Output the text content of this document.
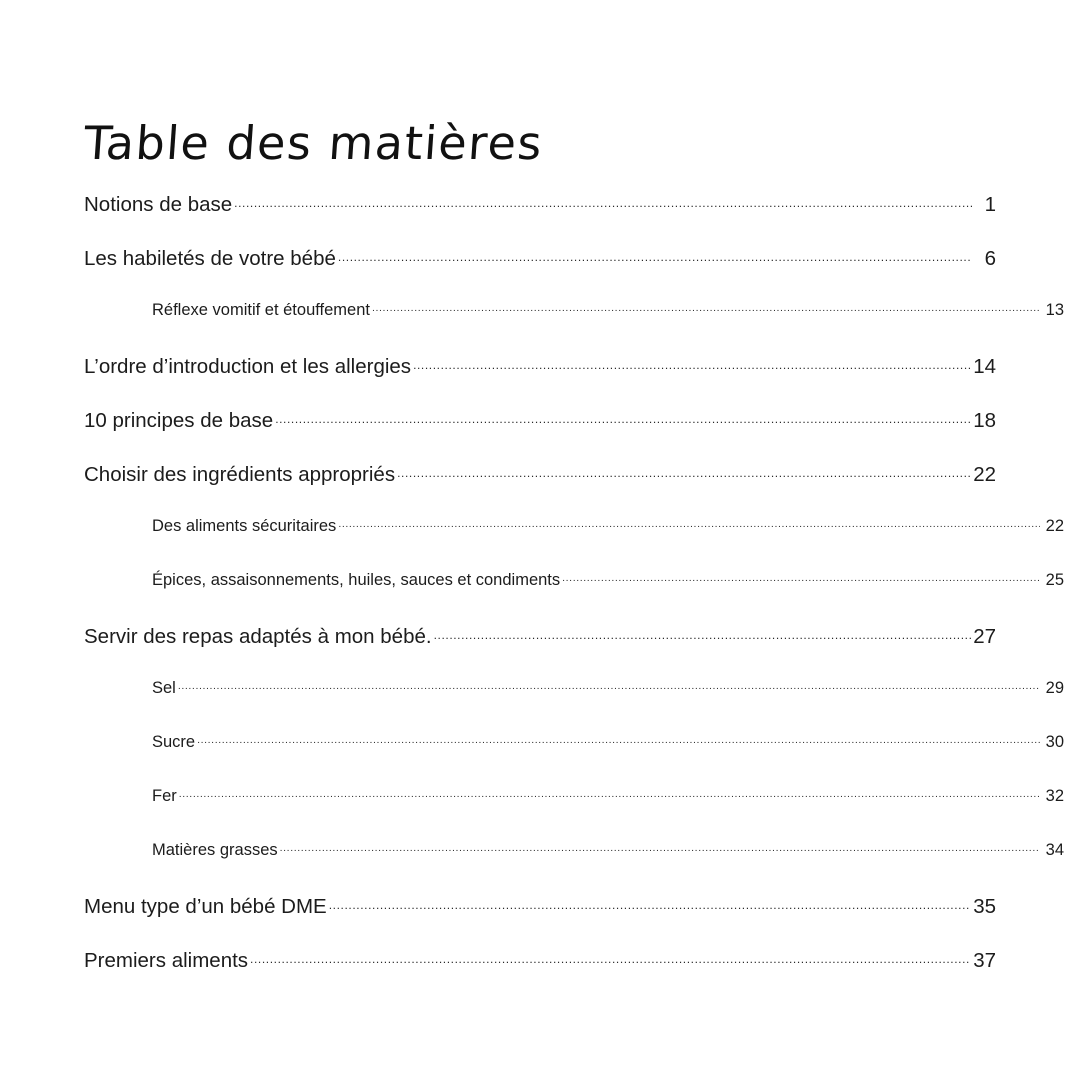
Table des matières
Notions de base .....	1
Les habiletés de votre bébé .....	6
Réflexe vomitif et étouffement .....	13
L’ordre d’introduction et les allergies .....	14
10 principes de base .....	18
Choisir des ingrédients appropriés .....	22
Des aliments sécuritaires .....	22
Épices, assaisonnements, huiles, sauces et condiments .....	25
Servir des repas adaptés à mon bébé. .....	27
Sel .....	29
Sucre .....	30
Fer .....	32
Matières grasses .....	34
Menu type d’un bébé DME .....	35
Premiers aliments .....	37
